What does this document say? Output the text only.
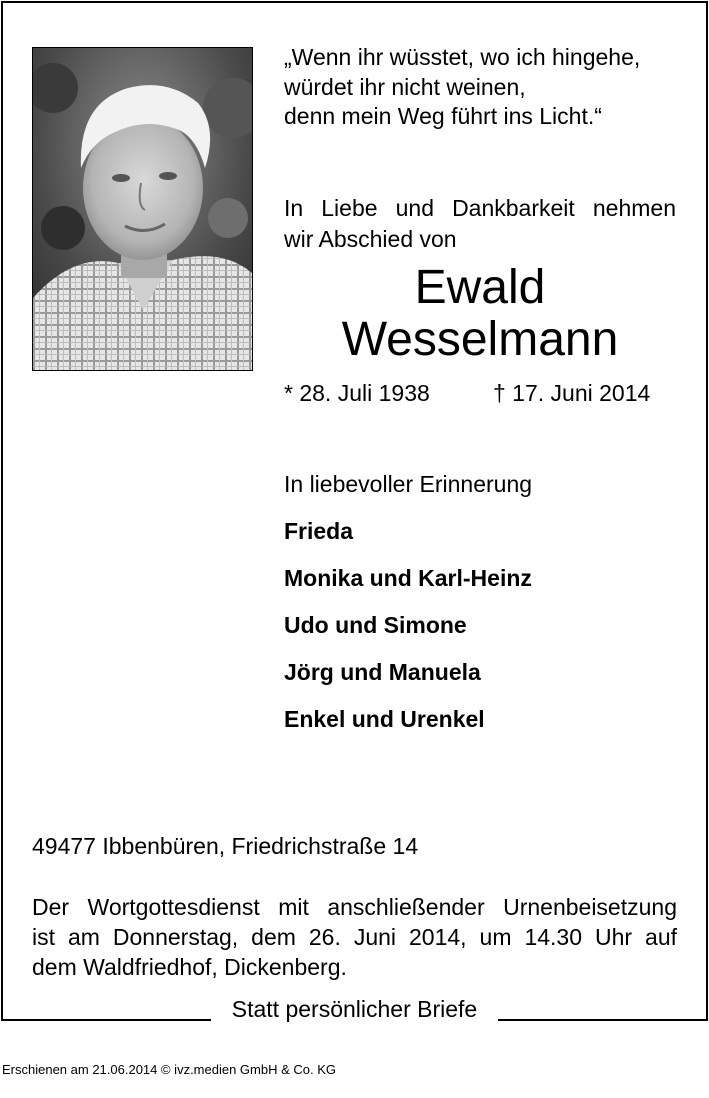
„Wenn ihr wüsstet, wo ich hingehe,
würdet ihr nicht weinen,
denn mein Weg führt ins Licht.“
In Liebe und Dankbarkeit nehmen
wir Abschied von
Ewald
Wesselmann
* 28. Juli 1938	† 17. Juni 2014
In liebevoller Erinnerung
Frieda
Monika und Karl-Heinz
Udo und Simone
Jörg und Manuela
Enkel und Urenkel
49477 Ibbenbüren, Friedrichstraße 14
Der Wortgottesdienst mit anschließender Urnenbeisetzung
ist am Donnerstag, dem 26. Juni 2014, um 14.30 Uhr auf
dem Waldfriedhof, Dickenberg.
Statt persönlicher Briefe
Erschienen am 21.06.2014 © ivz.medien GmbH & Co. KG
